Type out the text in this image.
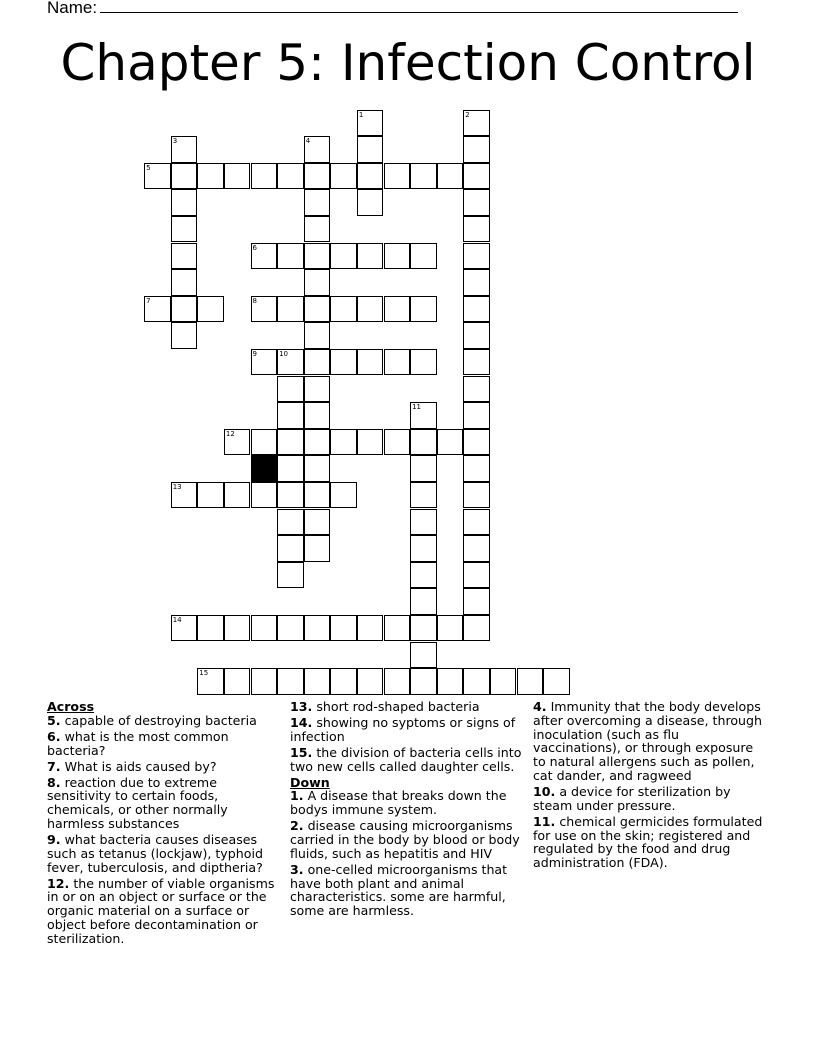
Name:
Chapter 5: Infection Control
1	2
3	4
5
6
7	8
9	10
11
12
13
14
15
Across
5. capable of destroying bacteria
6. what is the most common bacteria?
7. What is aids caused by?
8. reaction due to extreme sensitivity to certain foods, chemicals, or other normally harmless substances
9. what bacteria causes diseases such as tetanus (lockjaw), typhoid fever, tuberculosis, and diptheria?
12. the number of viable organisms in or on an object or surface or the organic material on a surface or object before decontamination or sterilization.
13. short rod-shaped bacteria
14. showing no syptoms or signs of infection
15. the division of bacteria cells into two new cells called daughter cells.
Down
1. A disease that breaks down the bodys immune system.
2. disease causing microorganisms carried in the body by blood or body fluids, such as hepatitis and HIV
3. one-celled microorganisms that have both plant and animal characteristics. some are harmful, some are harmless.
4. Immunity that the body develops after overcoming a disease, through inoculation (such as flu vaccinations), or through exposure to natural allergens such as pollen, cat dander, and ragweed
10. a device for sterilization by steam under pressure.
11. chemical germicides formulated for use on the skin; registered and regulated by the food and drug administration (FDA).
